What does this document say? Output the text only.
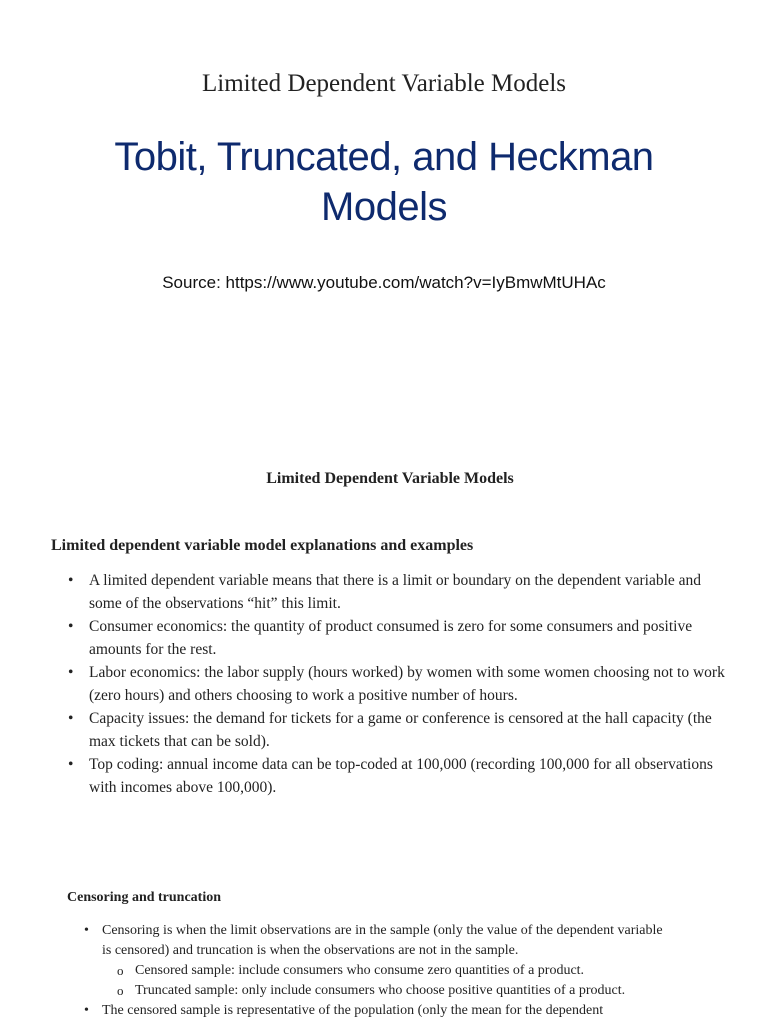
Limited Dependent Variable Models
Tobit, Truncated, and Heckman Models
Source: https://www.youtube.com/watch?v=IyBmwMtUHAc
Limited Dependent Variable Models
Limited dependent variable model explanations and examples
• A limited dependent variable means that there is a limit or boundary on the dependent variable and some of the observations “hit” this limit.
• Consumer economics: the quantity of product consumed is zero for some consumers and positive amounts for the rest.
• Labor economics: the labor supply (hours worked) by women with some women choosing not to work (zero hours) and others choosing to work a positive number of hours.
• Capacity issues: the demand for tickets for a game or conference is censored at the hall capacity (the max tickets that can be sold).
• Top coding: annual income data can be top-coded at 100,000 (recording 100,000 for all observations with incomes above 100,000).
Censoring and truncation
• Censoring is when the limit observations are in the sample (only the value of the dependent variable is censored) and truncation is when the observations are not in the sample.
o Censored sample: include consumers who consume zero quantities of a product.
o Truncated sample: only include consumers who choose positive quantities of a product.
• The censored sample is representative of the population (only the mean for the dependent
